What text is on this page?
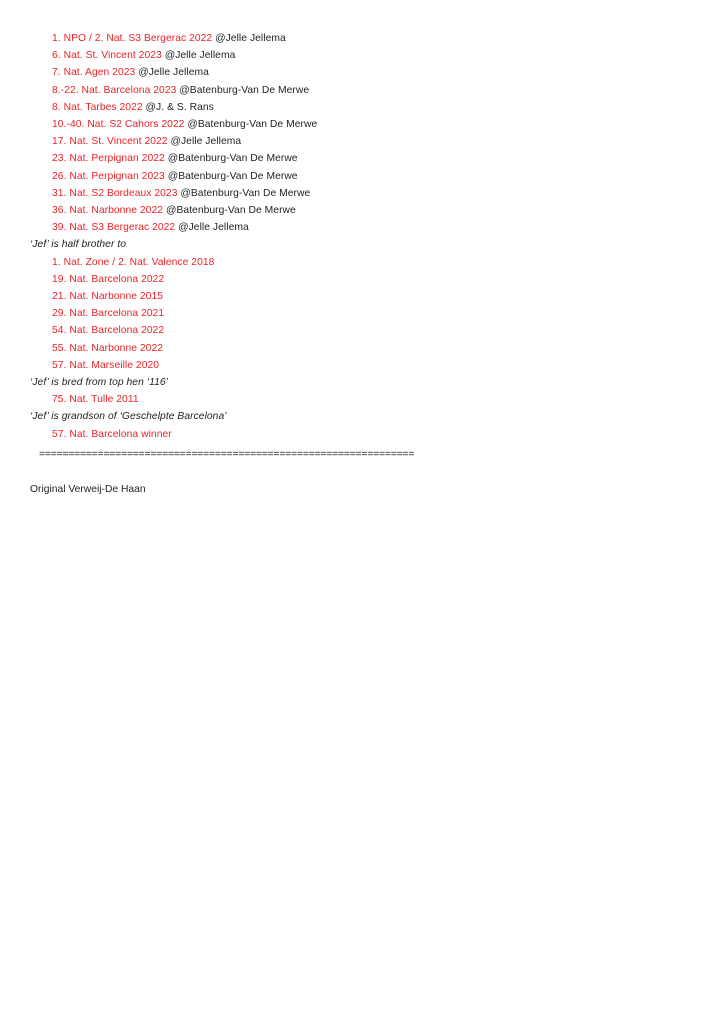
1. NPO / 2. Nat. S3 Bergerac 2022 @Jelle Jellema
6. Nat. St. Vincent 2023 @Jelle Jellema
7. Nat. Agen 2023 @Jelle Jellema
8.-22. Nat. Barcelona 2023 @Batenburg-Van De Merwe
8. Nat. Tarbes 2022 @J. & S. Rans
10.-40. Nat. S2 Cahors 2022 @Batenburg-Van De Merwe
17. Nat. St. Vincent 2022 @Jelle Jellema
23. Nat. Perpignan 2022 @Batenburg-Van De Merwe
26. Nat. Perpignan 2023 @Batenburg-Van De Merwe
31. Nat. S2 Bordeaux 2023 @Batenburg-Van De Merwe
36. Nat. Narbonne 2022 @Batenburg-Van De Merwe
39. Nat. S3 Bergerac 2022 @Jelle Jellema
‘Jef’ is half brother to
1. Nat. Zone / 2. Nat. Valence 2018
19. Nat. Barcelona 2022
21. Nat. Narbonne 2015
29. Nat. Barcelona 2021
54. Nat. Barcelona 2022
55. Nat. Narbonne 2022
57. Nat. Marseille 2020
‘Jef’ is bred from top hen ‘116’
75. Nat. Tulle 2011
‘Jef’ is grandson of ‘Geschelpte Barcelona’
57. Nat. Barcelona winner
================================================================
Original Verweij-De Haan
